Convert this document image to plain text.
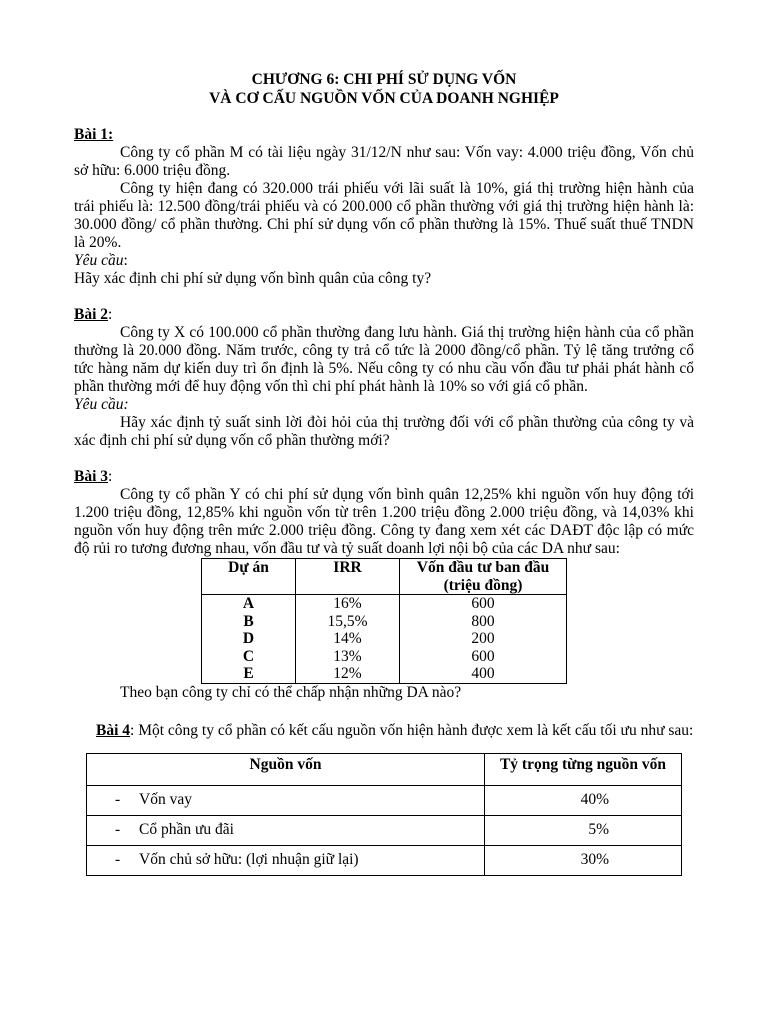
CHƯƠNG 6: CHI PHÍ SỬ DỤNG VỐN
VÀ CƠ CẤU NGUỒN VỐN CỦA DOANH NGHIỆP
Bài 1:

Công ty cổ phần M có tài liệu ngày 31/12/N như sau: Vốn vay: 4.000 triệu đồng, Vốn chủ sở hữu: 6.000 triệu đồng.

Công ty hiện đang có 320.000 trái phiếu với lãi suất là 10%, giá thị trường hiện hành của trái phiếu là: 12.500 đồng/trái phiếu và có 200.000 cổ phần thường với giá thị trường hiện hành là: 30.000 đồng/ cổ phần thường. Chi phí sử dụng vốn cổ phần thường là 15%. Thuế suất thuế TNDN là 20%.

Yêu cầu:

Hãy xác định chi phí sử dụng vốn bình quân của công ty?

Bài 2:

Công ty X có 100.000 cổ phần thường đang lưu hành. Giá thị trường hiện hành của cổ phần thường là 20.000 đồng. Năm trước, công ty trả cổ tức là 2000 đồng/cổ phần. Tỷ lệ tăng trưởng cổ tức hàng năm dự kiến duy trì ổn định là 5%. Nếu công ty có nhu cầu vốn đầu tư phải phát hành cổ phần thường mới để huy động vốn thì chi phí phát hành là 10% so với giá cổ phần.

Yêu cầu:

Hãy xác định tỷ suất sinh lời đòi hỏi của thị trường đối với cổ phần thường của công ty và xác định chi phí sử dụng vốn cổ phần thường mới?

Bài 3:

Công ty cổ phần Y có chi phí sử dụng vốn bình quân 12,25% khi nguồn vốn huy động tới 1.200 triệu đồng, 12,85% khi nguồn vốn từ trên 1.200 triệu đồng 2.000 triệu đồng, và 14,03% khi nguồn vốn huy động trên mức 2.000 triệu đồng. Công ty đang xem xét các DAĐT độc lập có mức độ rủi ro tương đương nhau, vốn đầu tư và tỷ suất doanh lợi nội bộ của các DA như sau:

Dự án	IRR	Vốn đầu tư ban đầu (triệu đồng)
A	16%	600
B	15,5%	800
D	14%	200
C	13%	600
E	12%	400

Theo bạn công ty chỉ có thể chấp nhận những DA nào?

Bài 4: Một công ty cổ phần có kết cấu nguồn vốn hiện hành được xem là kết cấu tối ưu như sau:

Nguồn vốn	Tỷ trọng từng nguồn vốn
- Vốn vay	40%
- Cổ phần ưu đãi	5%
- Vốn chủ sở hữu: (lợi nhuận giữ lại)	30%
